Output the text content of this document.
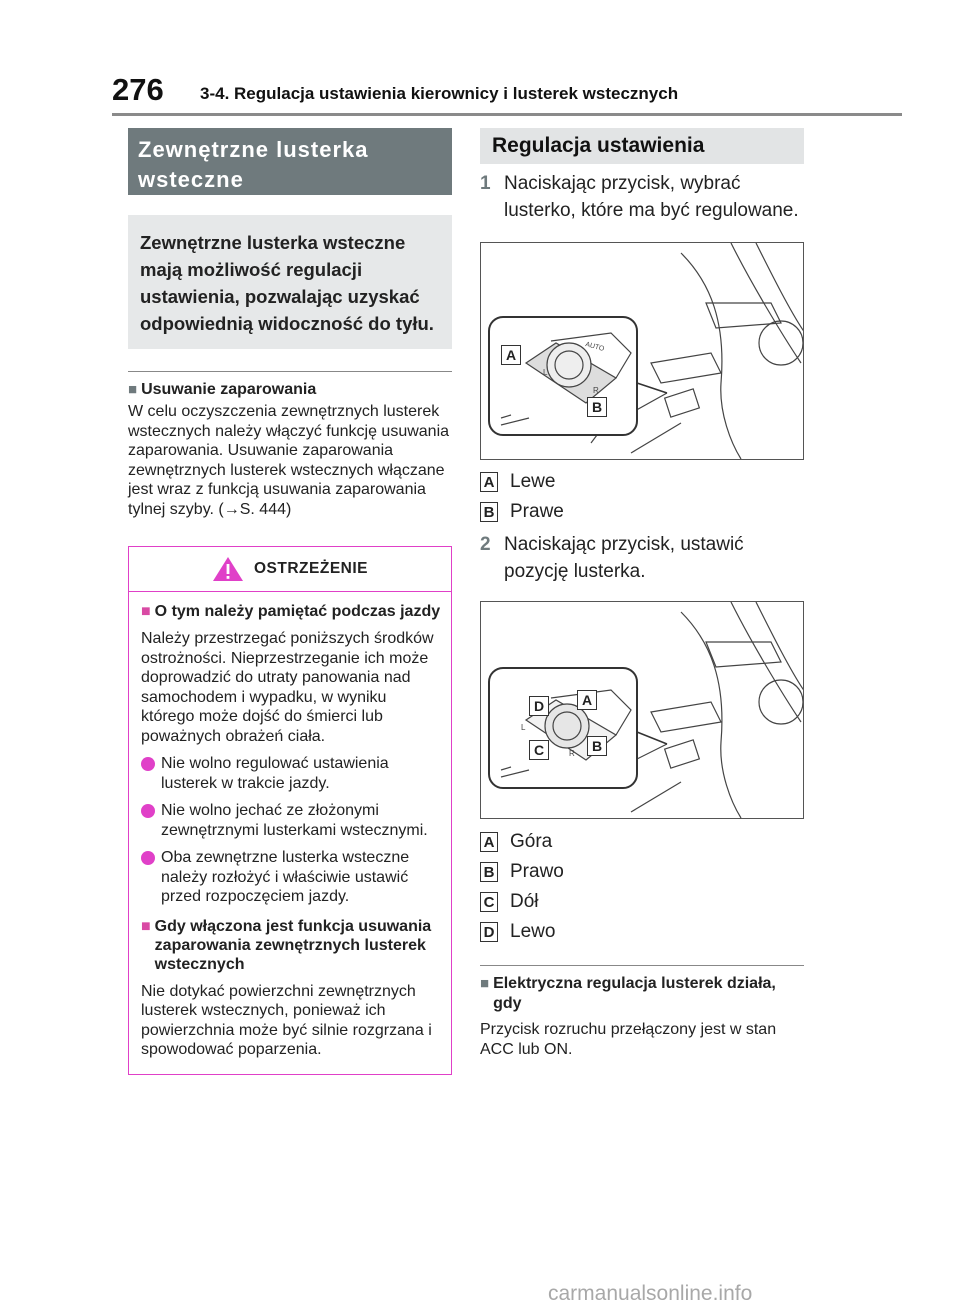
276 3-4. Regulacja ustawienia kierownicy i lusterek wstecznych
Zewnętrzne lusterka wsteczne
Zewnętrzne lusterka wsteczne mają możliwość regulacji ustawienia, pozwalając uzyskać odpowiednią widoczność do tyłu.
■ Usuwanie zaparowania
W celu oczyszczenia zewnętrznych lusterek wstecznych należy włączyć funkcję usuwania zaparowania. Usuwanie zaparowania zewnętrznych lusterek wstecznych włączane jest wraz z funkcją usuwania zaparowania tylnej szyby. (→S. 444)
OSTRZEŻENIE
■ O tym należy pamiętać podczas jazdy
Należy przestrzegać poniższych środków ostrożności. Nieprzestrzeganie ich może doprowadzić do utraty panowania nad samochodem i wypadku, w wyniku którego może dojść do śmierci lub poważnych obrażeń ciała.
Nie wolno regulować ustawienia lusterek w trakcie jazdy.
Nie wolno jechać ze złożonymi zewnętrznymi lusterkami wstecznymi.
Oba zewnętrzne lusterka wsteczne należy rozłożyć i właściwie ustawić przed rozpoczęciem jazdy.
■ Gdy włączona jest funkcja usuwania zaparowania zewnętrznych lusterek wstecznych
Nie dotykać powierzchni zewnętrznych lusterek wstecznych, ponieważ ich powierzchnia może być silnie rozgrzana i spowodować poparzenia.
Regulacja ustawienia
1 Naciskając przycisk, wybrać lusterko, które ma być regulowane.
AUTO
L
R
A
B
A Lewe
B Prawe
2 Naciskając przycisk, ustawić pozycję lusterka.
L
R
D	A
C	B
A Góra
B Prawo
C Dół
D Lewo
■ Elektryczna regulacja lusterek działa, gdy
Przycisk rozruchu przełączony jest w stan ACC lub ON.
carmanualsonline.info
